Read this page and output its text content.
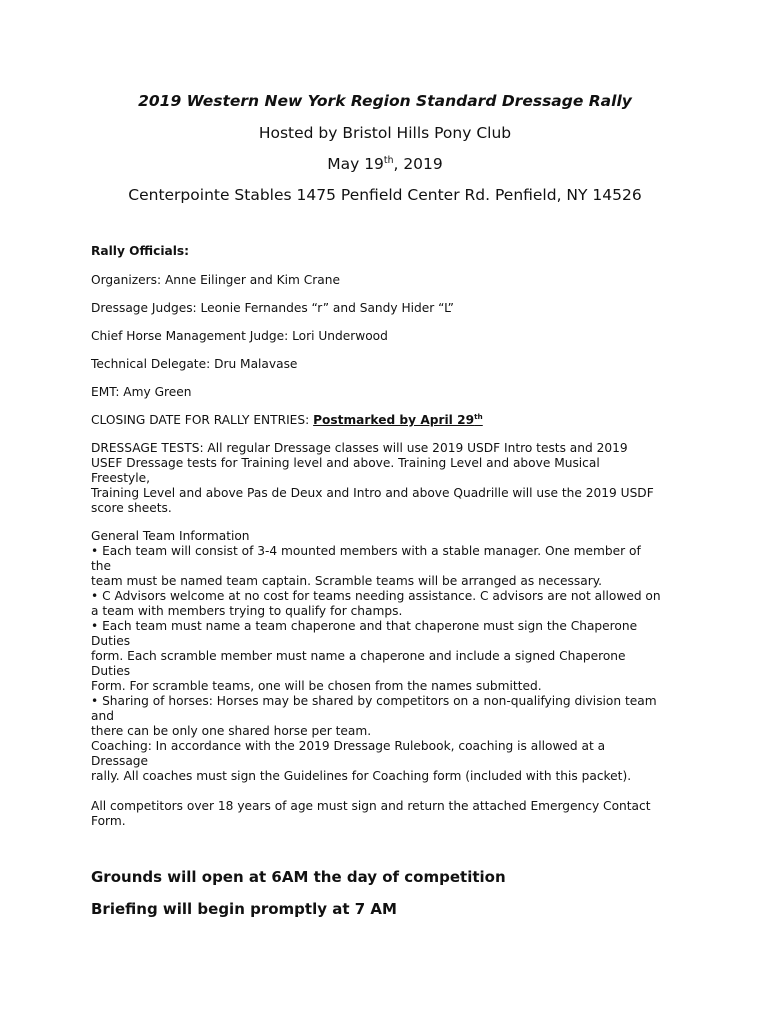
2019 Western New York Region Standard Dressage Rally
Hosted by Bristol Hills Pony Club
May 19th, 2019
Centerpointe Stables 1475 Penfield Center Rd. Penfield, NY 14526
Rally Officials:
Organizers: Anne Eilinger and Kim Crane
Dressage Judges: Leonie Fernandes “r” and Sandy Hider “L”
Chief Horse Management Judge: Lori Underwood
Technical Delegate: Dru Malavase
EMT: Amy Green
CLOSING DATE FOR RALLY ENTRIES: Postmarked by April 29th
DRESSAGE TESTS: All regular Dressage classes will use 2019 USDF Intro tests and 2019
USEF Dressage tests for Training level and above. Training Level and above Musical
Freestyle,
Training Level and above Pas de Deux and Intro and above Quadrille will use the 2019 USDF
score sheets.
General Team Information
• Each team will consist of 3-4 mounted members with a stable manager. One member of
the
team must be named team captain. Scramble teams will be arranged as necessary.
• C Advisors welcome at no cost for teams needing assistance. C advisors are not allowed on
a team with members trying to qualify for champs.
• Each team must name a team chaperone and that chaperone must sign the Chaperone
Duties
form. Each scramble member must name a chaperone and include a signed Chaperone
Duties
Form. For scramble teams, one will be chosen from the names submitted.
• Sharing of horses: Horses may be shared by competitors on a non-qualifying division team
and
there can be only one shared horse per team.
Coaching: In accordance with the 2019 Dressage Rulebook, coaching is allowed at a
Dressage
rally. All coaches must sign the Guidelines for Coaching form (included with this packet).
All competitors over 18 years of age must sign and return the attached Emergency Contact
Form.
Grounds will open at 6AM the day of competition
Briefing will begin promptly at 7 AM
